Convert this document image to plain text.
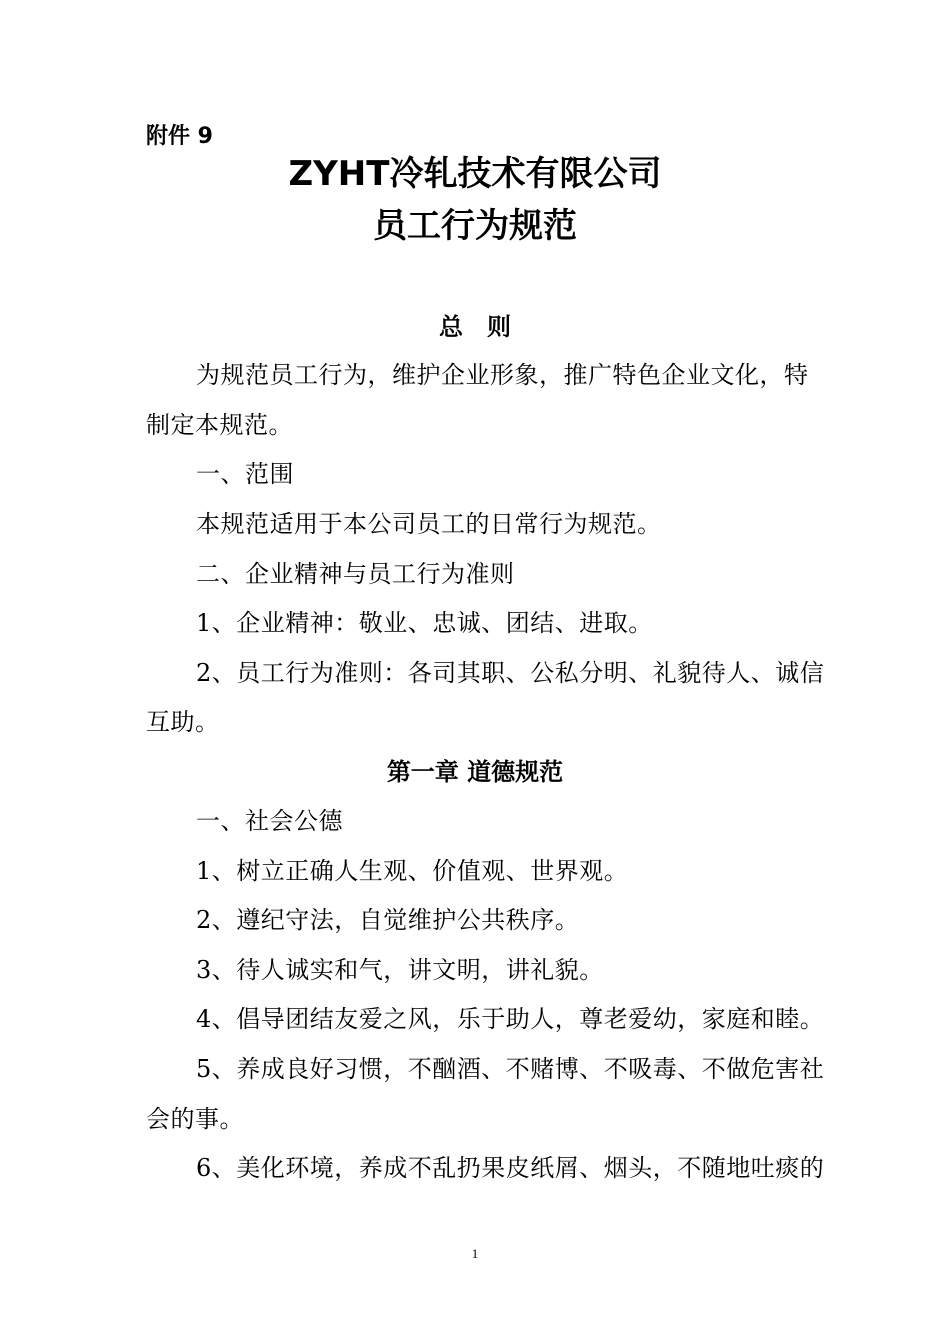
附件 9
ZYHT冷轧技术有限公司
员工行为规范
总　则
为规范员工行为，维护企业形象，推广特色企业文化，特
制定本规范。
一、范围
本规范适用于本公司员工的日常行为规范。
二、企业精神与员工行为准则
1、企业精神：敬业、忠诚、团结、进取。
2、员工行为准则：各司其职、公私分明、礼貌待人、诚信
互助。
第一章 道德规范
一、社会公德
1、树立正确人生观、价值观、世界观。
2、遵纪守法，自觉维护公共秩序。
3、待人诚实和气，讲文明，讲礼貌。
4、倡导团结友爱之风，乐于助人，尊老爱幼，家庭和睦。
5、养成良好习惯，不酗酒、不赌博、不吸毒、不做危害社
会的事。
6、美化环境，养成不乱扔果皮纸屑、烟头，不随地吐痰的
1
